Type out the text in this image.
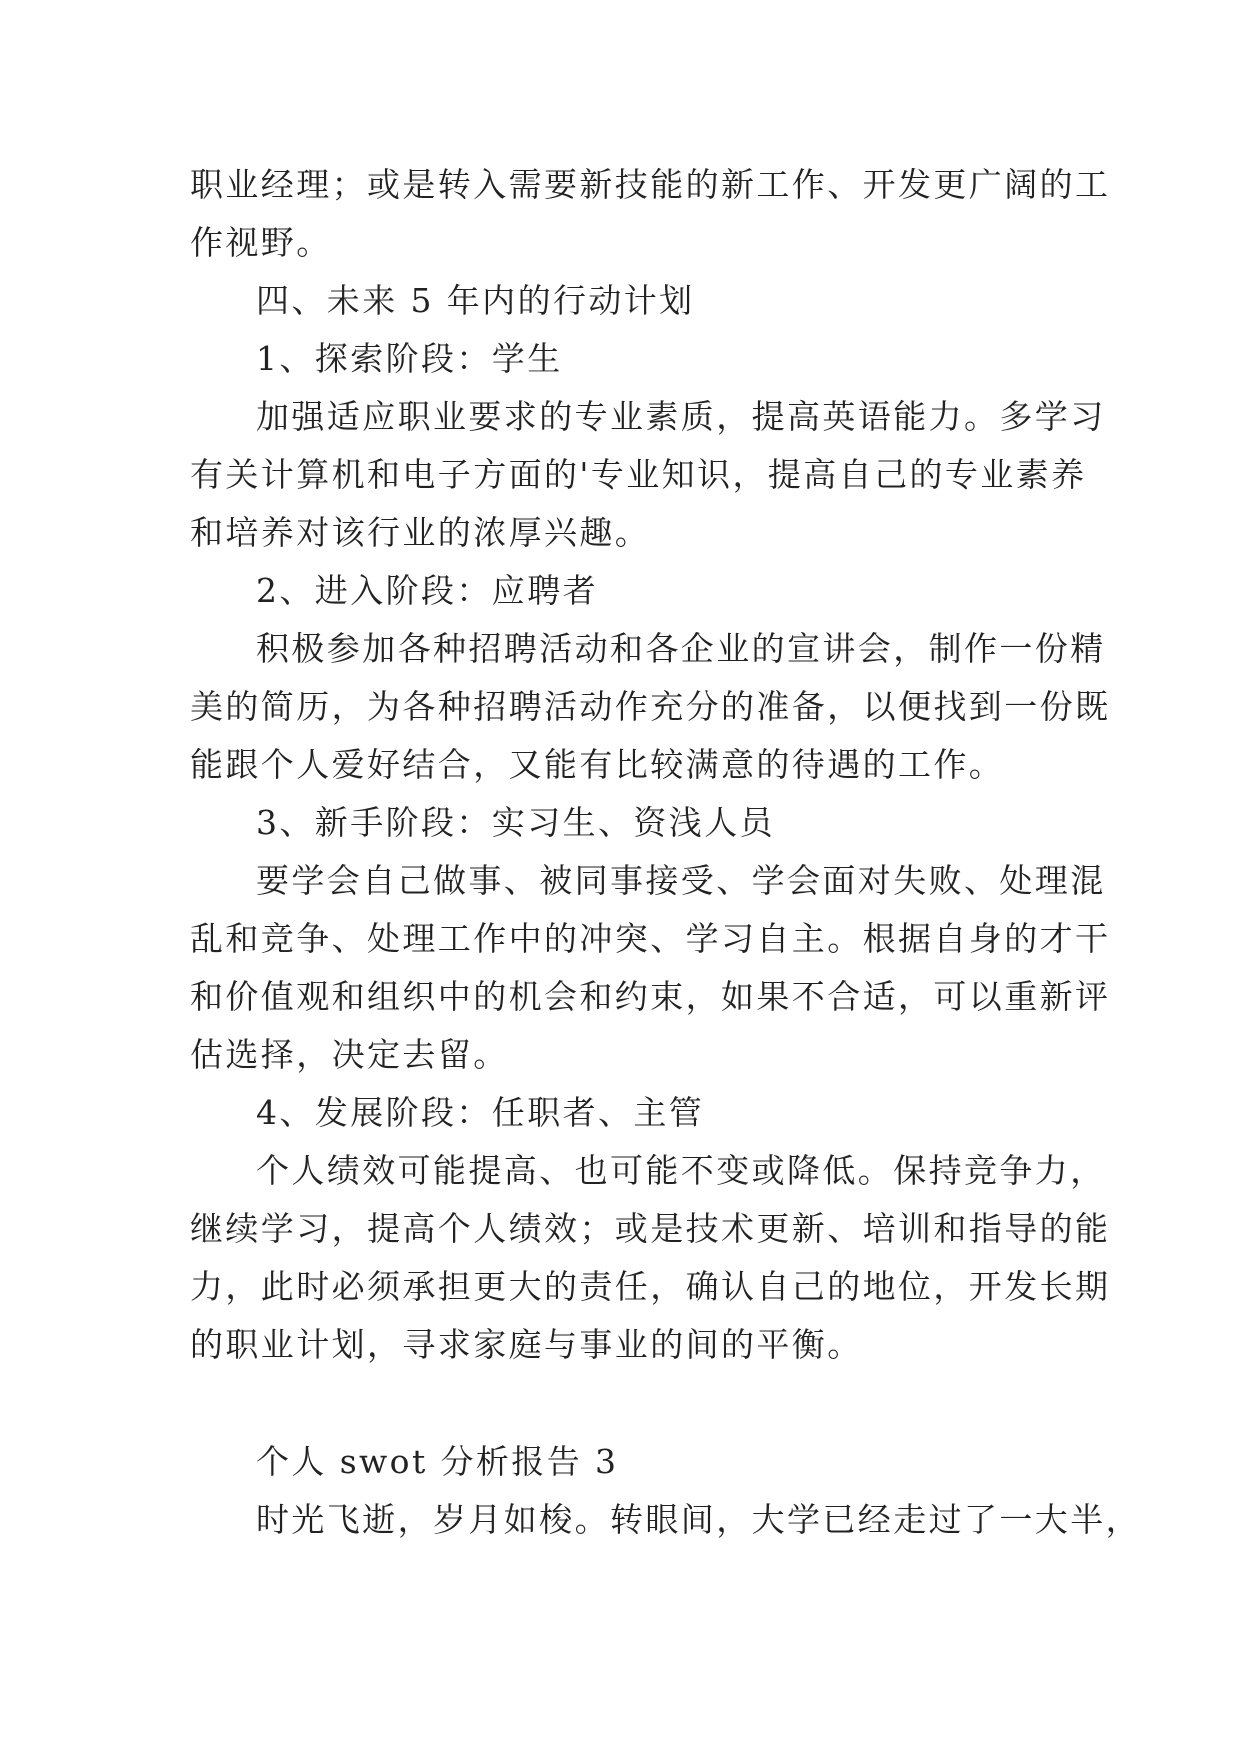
职业经理；或是转入需要新技能的新工作、开发更广阔的工
作视野。
四、未来 5 年内的行动计划
1、探索阶段：学生
加强适应职业要求的专业素质，提高英语能力。多学习
有关计算机和电子方面的'专业知识，提高自己的专业素养
和培养对该行业的浓厚兴趣。
2、进入阶段：应聘者
积极参加各种招聘活动和各企业的宣讲会，制作一份精
美的简历，为各种招聘活动作充分的准备，以便找到一份既
能跟个人爱好结合，又能有比较满意的待遇的工作。
3、新手阶段：实习生、资浅人员
要学会自己做事、被同事接受、学会面对失败、处理混
乱和竞争、处理工作中的冲突、学习自主。根据自身的才干
和价值观和组织中的机会和约束，如果不合适，可以重新评
估选择，决定去留。
4、发展阶段：任职者、主管
个人绩效可能提高、也可能不变或降低。保持竞争力，
继续学习，提高个人绩效；或是技术更新、培训和指导的能
力，此时必须承担更大的责任，确认自己的地位，开发长期
的职业计划，寻求家庭与事业的间的平衡。
个人 swot 分析报告 3
时光飞逝，岁月如梭。转眼间，大学已经走过了一大半，
